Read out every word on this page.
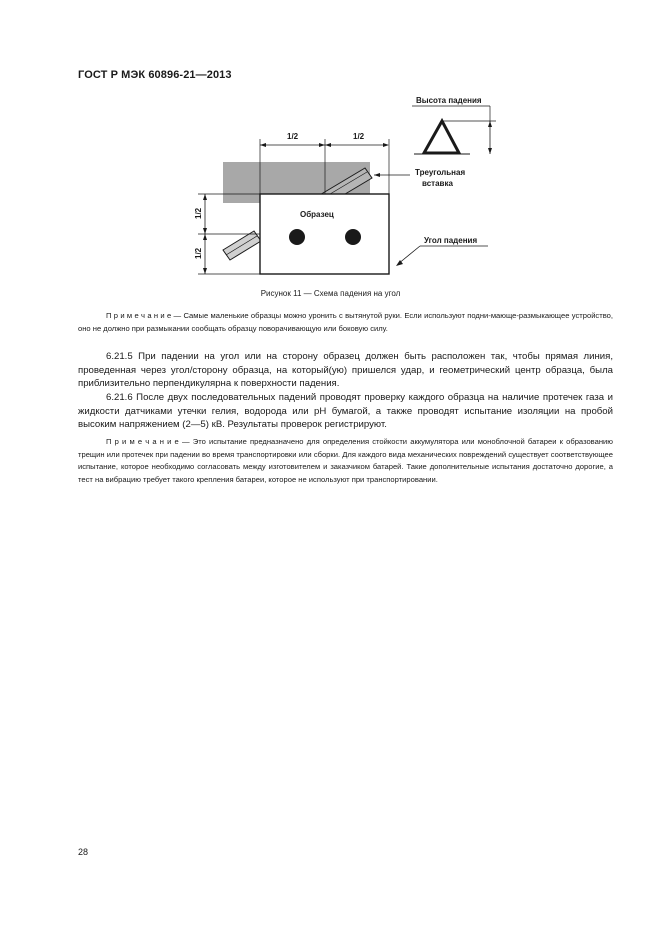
ГОСТ Р МЭК 60896-21—2013
Образец
1/2	1/2
1/2
1/2
Высота падения
Треугольная
вставка
Угол падения
Рисунок 11 — Схема падения на угол
П р и м е ч а н и е — Самые маленькие образцы можно уронить с вытянутой руки. Если используют подни-мающе-размыкающее устройство, оно не должно при размыкании сообщать образцу поворачивающую или боковую силу.
6.21.5 При падении на угол или на сторону образец должен быть расположен так, чтобы прямая линия, проведенная через угол/сторону образца, на который(ую) пришелся удар, и геометрический центр образца, была приблизительно перпендикулярна к поверхности падения.
6.21.6 После двух последовательных падений проводят проверку каждого образца на наличие протечек газа и жидкости датчиками утечки гелия, водорода или pH бумагой, а также проводят испытание изоляции на пробой высоким напряжением (2—5) кВ. Результаты проверок регистрируют.
П р и м е ч а н и е — Это испытание предназначено для определения стойкости аккумулятора или моноблочной батареи к образованию трещин или протечек при падении во время транспортировки или сборки. Для каждого вида механических повреждений существует соответствующее испытание, которое необходимо согласовать между изготовителем и заказчиком батарей. Такие дополнительные испытания достаточно дорогие, а тест на вибрацию требует такого крепления батареи, которое не используют при транспортировании.
28
